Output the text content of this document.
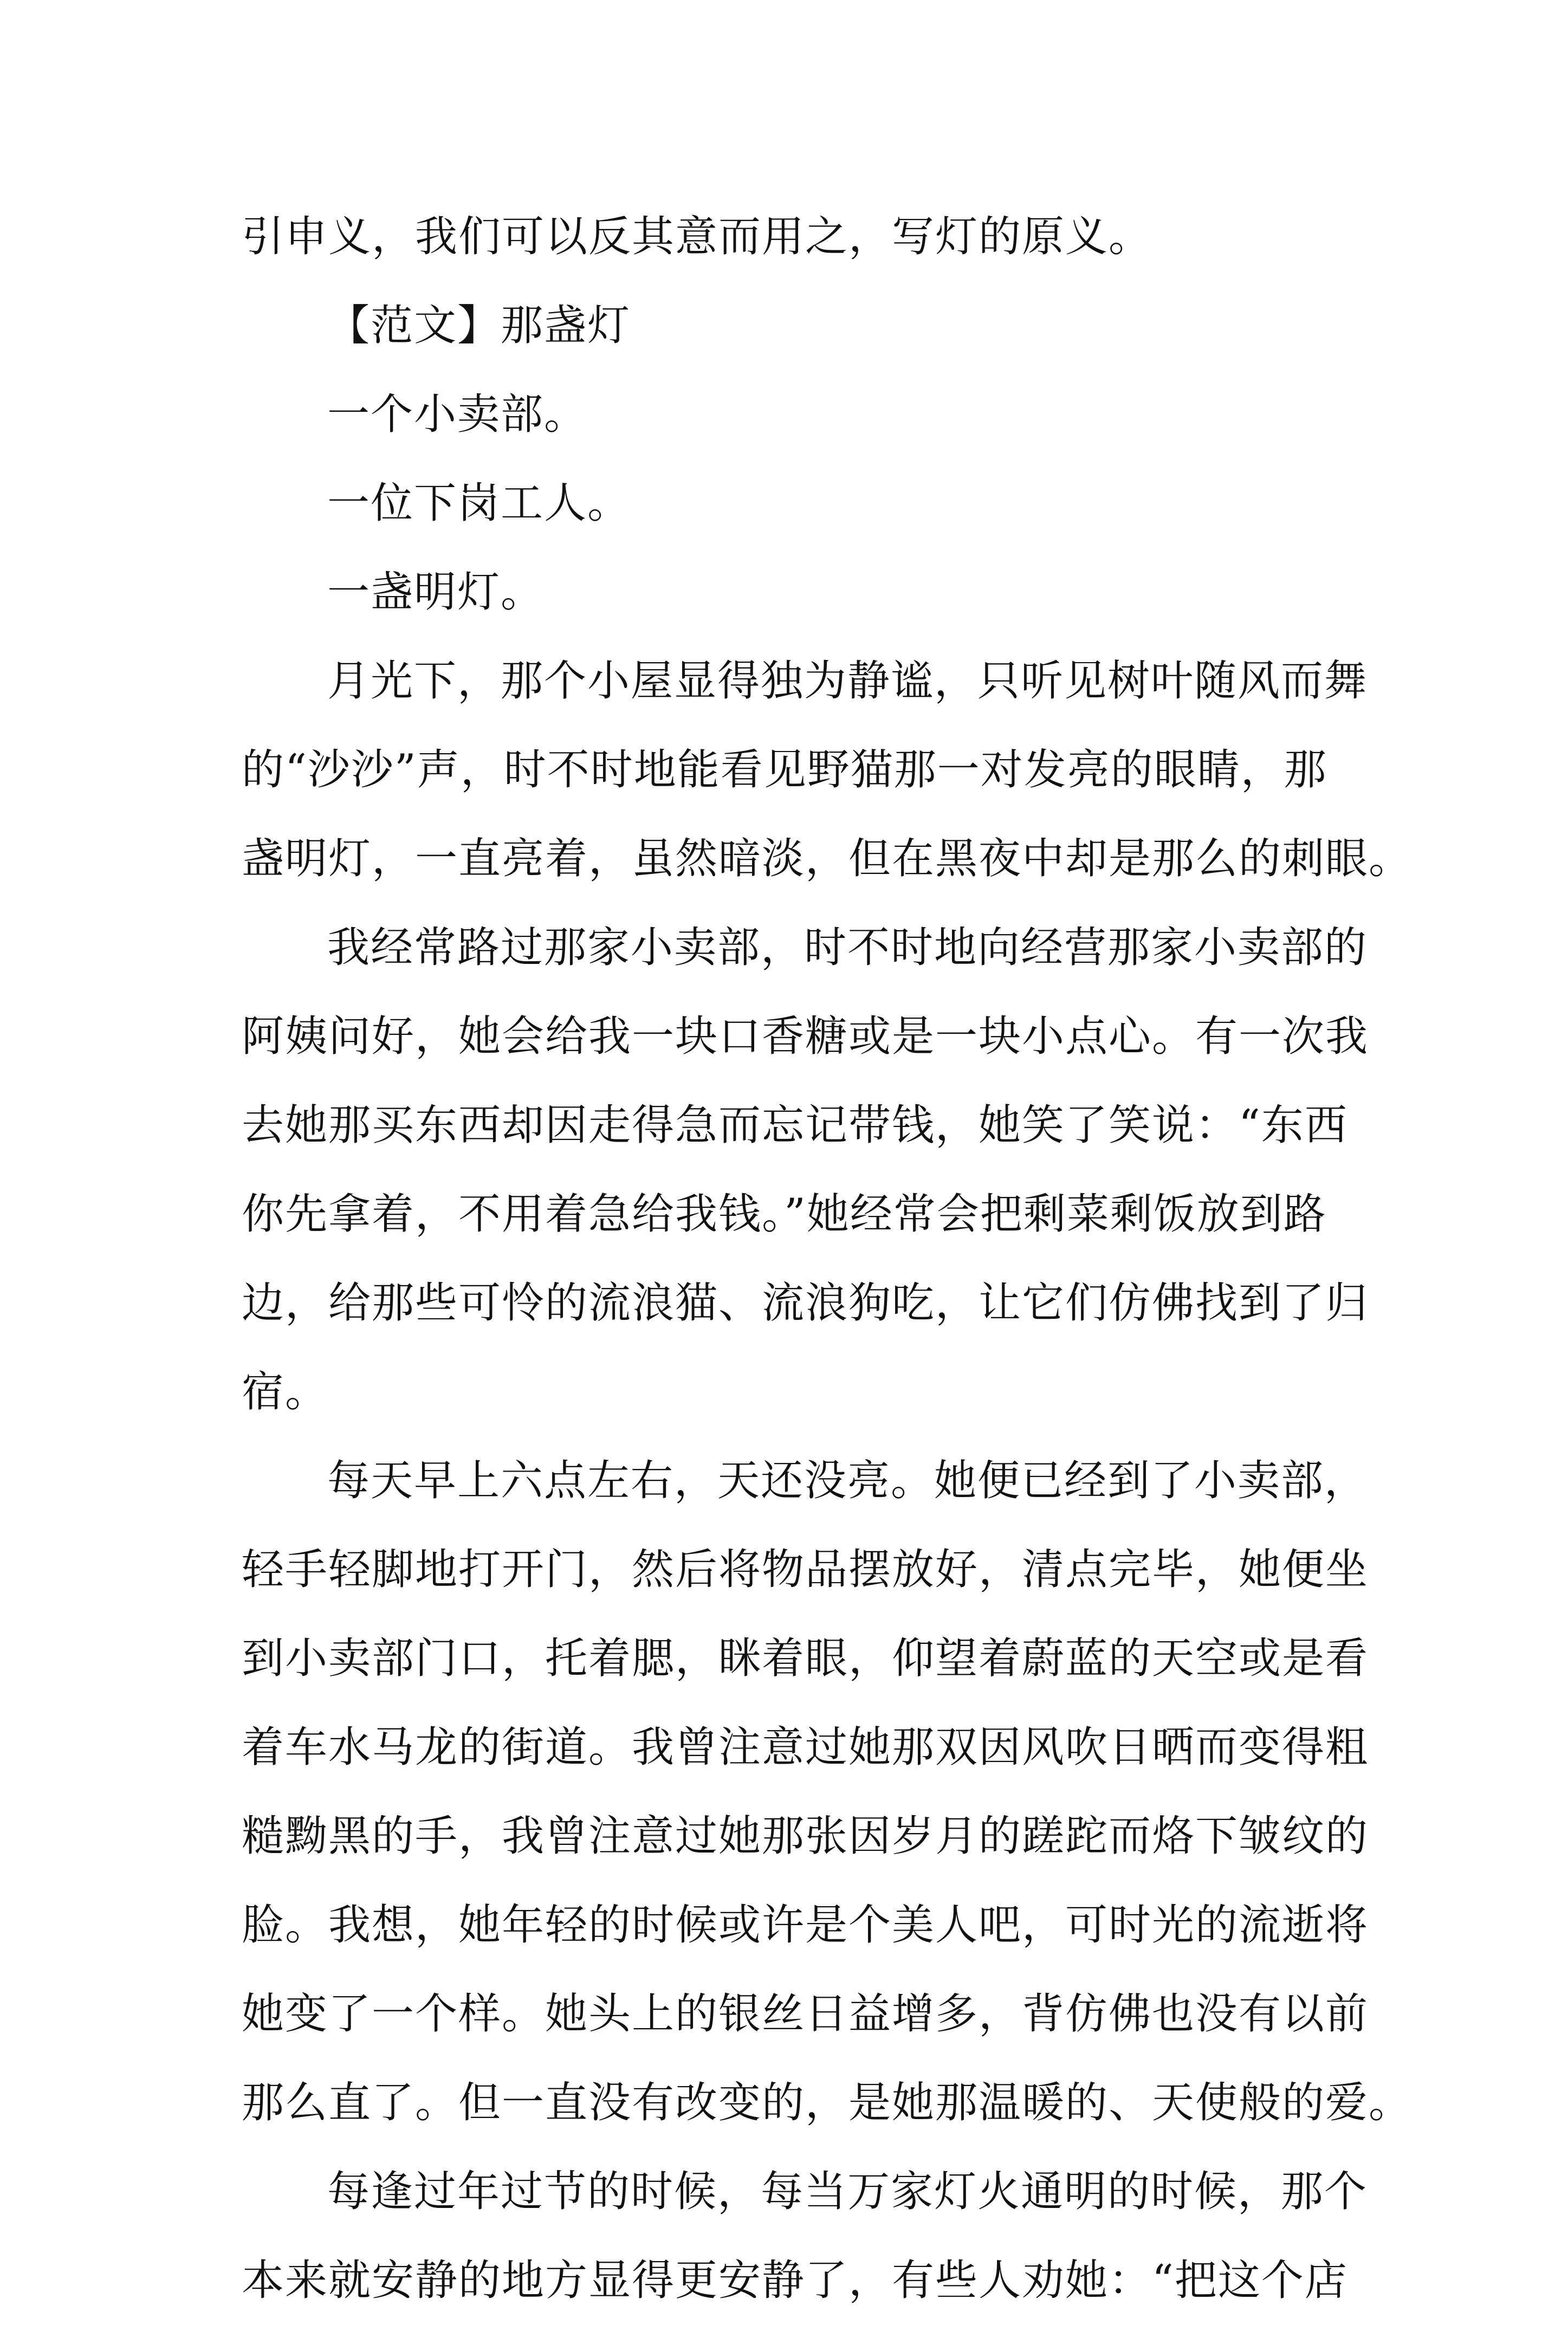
引申义，我们可以反其意而用之，写灯的原义。
【范文】那盏灯
一个小卖部。
一位下岗工人。
一盏明灯。
月光下，那个小屋显得独为静谧，只听见树叶随风而舞
的“沙沙”声，时不时地能看见野猫那一对发亮的眼睛，那
盏明灯，一直亮着，虽然暗淡，但在黑夜中却是那么的刺眼。
我经常路过那家小卖部，时不时地向经营那家小卖部的
阿姨问好，她会给我一块口香糖或是一块小点心。有一次我
去她那买东西却因走得急而忘记带钱，她笑了笑说：“东西
你先拿着，不用着急给我钱。”她经常会把剩菜剩饭放到路
边，给那些可怜的流浪猫、流浪狗吃，让它们仿佛找到了归
宿。
每天早上六点左右，天还没亮。她便已经到了小卖部，
轻手轻脚地打开门，然后将物品摆放好，清点完毕，她便坐
到小卖部门口，托着腮，眯着眼，仰望着蔚蓝的天空或是看
着车水马龙的街道。我曾注意过她那双因风吹日晒而变得粗
糙黝黑的手，我曾注意过她那张因岁月的蹉跎而烙下皱纹的
脸。我想，她年轻的时候或许是个美人吧，可时光的流逝将
她变了一个样。她头上的银丝日益增多，背仿佛也没有以前
那么直了。但一直没有改变的，是她那温暖的、天使般的爱。
每逢过年过节的时候，每当万家灯火通明的时候，那个
本来就安静的地方显得更安静了，有些人劝她：“把这个店
